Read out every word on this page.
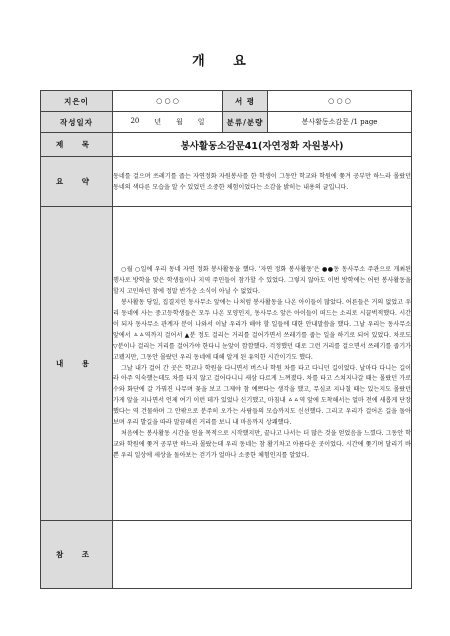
개 요
지은이	○ ○ ○	서 평	○ ○ ○
작성일자	20 년 월 일	분류/분량	봉사활동소감문 /1 page
제 목	봉사활동소감문41(자연정화 자원봉사)		
요 약	동네를 걸으며 쓰레기를 줍는 자연정화 자원봉사를 한 학생이 그동안 학교와 학원에 쫓겨 공부만 하느라 몰랐던 동네의 색다른 모습을 알 수 있었던 소중한 체험이었다는 소감을 밝히는 내용의 글입니다.		
내 용	○월 ○일에 우리 동네 자연 정화 봉사활동을 했다. '자연 정화 봉사활동'은 ●●동 동사무소 주관으로 개최된 행사로 방학을 맞은 학생들이나 지역 주민들이 참가할 수 있었다. 그렇지 않아도 이번 방학에는 어떤 봉사활동을 할지 고민하던 참에 정말 반가운 소식이 아닐 수 없었다.

봉사활동 당일, 집결지인 동사무소 앞에는 나처럼 봉사활동을 나온 아이들이 많았다. 어른들은 거의 없었고 우리 동네에 사는 중고등학생들은 모두 나온 모양인지, 동사무소 앞은 아이들이 떠드는 소리로 시끌벅적했다. 시간이 되자 동사무소 관계자 분이 나와서 이날 우리가 해야 할 일들에 대한 안내말씀을 했다. 그날 우리는 동사무소 앞에서 ㅿㅿ역까지 걸어서 ▲분 정도 걸리는 거리를 걸어가면서 쓰레기를 줍는 일을 하기로 되어 있었다. 차로도 ▽분이나 걸리는 거리를 걸어가야 한다니 눈앞이 깜깜했다. 걱정했던 대로 그런 거리를 걸으면서 쓰레기를 줍기가 고됐지만, 그동안 몰랐던 우리 동네에 대해 알게 된 유익한 시간이기도 했다.

그날 내가 걸어 간 곳은 학교나 학원을 다니면서 버스나 학원 차를 타고 다니던 길이었다. 날마다 다니는 길이라 아주 익숙했는데도 차를 타지 않고 걸어다니니 새삼 다르게 느껴졌다. 차를 타고 스쳐지나갈 때는 몰랐던 가로수와 화단에 갈 가꿔진 나무며 꽃을 보고 그제야 참 예쁘다는 생각을 했고, 무심코 지나칠 때는 있는지도 몰랐던 가게 앞을 지나면서 언제 여기 이런 데가 있었나 신기했고, 마침내 ㅿㅿ역 앞에 도착해서는 얼마 전에 새롭게 단장했다는 역 건물하며 그 안팎으로 분주히 오가는 사람들의 모습까지도 신선했다. 그리고 우리가 걸어온 길을 돌아보며 우리 발길을 따라 말끔해진 거리를 보니 내 마음까지 상쾌했다.

처음에는 봉사활동 시간을 얻을 목적으로 시작했지만, 끝나고 나서는 더 많은 것을 얻었음을 느꼈다. 그동안 학교와 학원에 쫓겨 공부만 하느라 몰랐는데 우리 동네는 참 활기차고 아름다운 곳이었다. 시간에 쫓기며 달리기 바쁜 우리 일상에 세상을 돌아보는 걷기가 얼마나 소중한 체험인지를 알았다.		

참 조			
